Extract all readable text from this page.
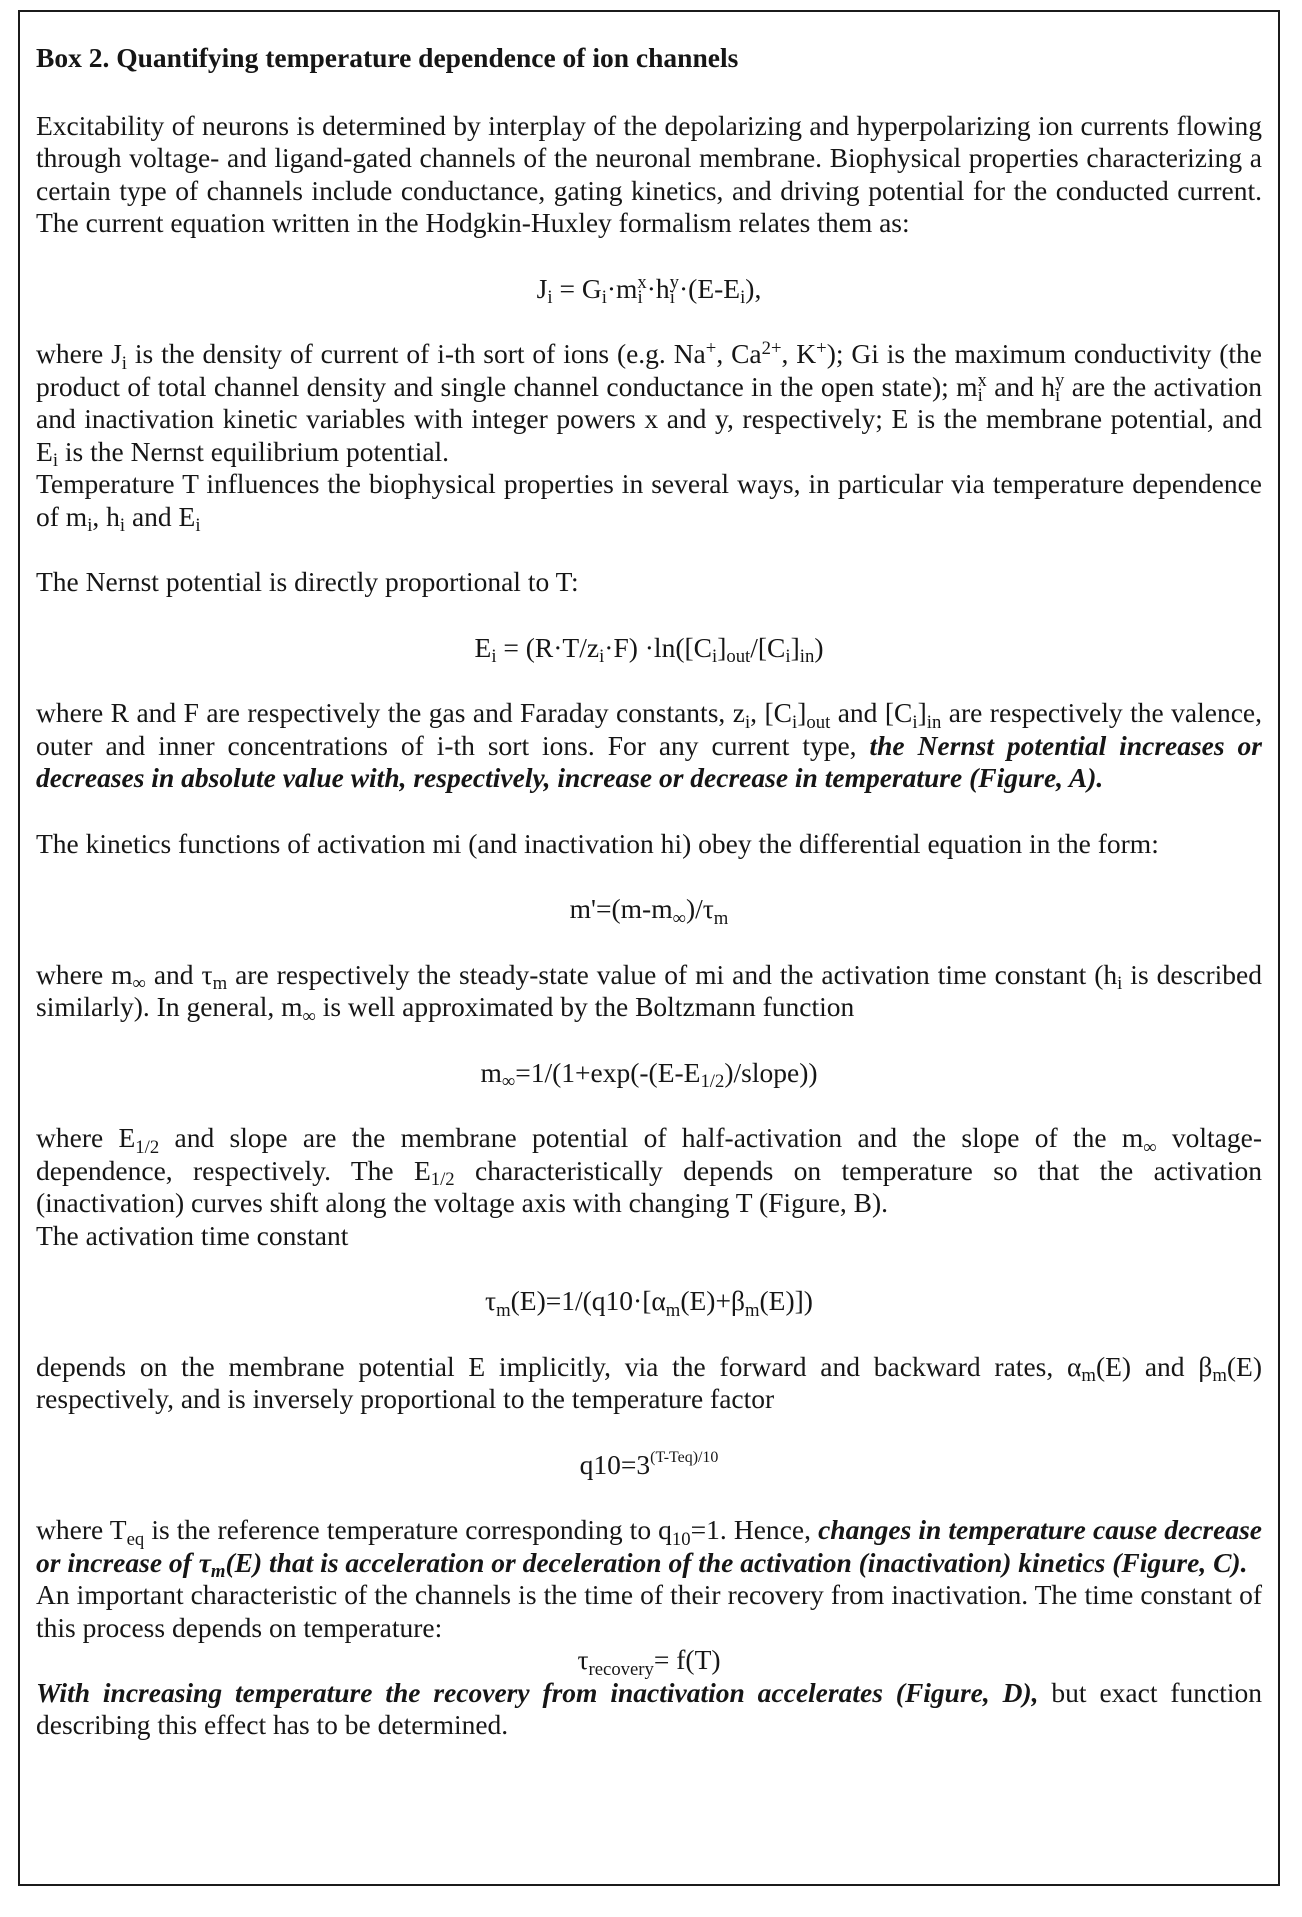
Box 2. Quantifying temperature dependence of ion channels

Excitability of neurons is determined by interplay of the depolarizing and hyperpolarizing ion currents flowing through voltage- and ligand-gated channels of the neuronal membrane. Biophysical properties characterizing a certain type of channels include conductance, gating kinetics, and driving potential for the conducted current. The current equation written in the Hodgkin-Huxley formalism relates them as:

$J_i = G_i\cdot m_i^x\cdot h_i^y\cdot(E-E_i)$,

where $J_i$ is the density of current of i-th sort of ions (e.g. Na+, $Ca^{2+}$, K+); Gi is the maximum conductivity (the product of total channel density and single channel conductance in the open state); $m_i^x$ and $h_i^y$ are the activation and inactivation kinetic variables with integer powers x and y, respectively; E is the membrane potential, and $E_i$ is the Nernst equilibrium potential.

Temperature T influences the biophysical properties in several ways, in particular via temperature dependence of $m_i$, $h_i$ and $E_i$

The Nernst potential is directly proportional to T:

$E_i = (R\cdot T/z_i\cdot F) \cdot\ln([C_i]_{out}/[C_i]_{in})$

where R and F are respectively the gas and Faraday constants, $z_i$, $[C_i]_{out}$ and $[C_i]_{in}$ are respectively the valence, outer and inner concentrations of i-th sort ions. For any current type, the Nernst potential increases or decreases in absolute value with, respectively, increase or decrease in temperature (Figure, A).

The kinetics functions of activation mi (and inactivation hi) obey the differential equation in the form:

$m'=(m-m_\infty)/\tau_m$

where $m_\infty$ and $\tau_m$ are respectively the steady-state value of mi and the activation time constant ($h_i$ is described similarly). In general, $m_\infty$ is well approximated by the Boltzmann function

$m_\infty=1/(1+\exp(-(E-E_{1/2})/slope))$

where $E_{1/2}$ and slope are the membrane potential of half-activation and the slope of the $m_\infty$ voltage-dependence, respectively. The $E_{1/2}$ characteristically depends on temperature so that the activation (inactivation) curves shift along the voltage axis with changing T (Figure, B).

The activation time constant

$\tau_m(E)=1/(q10\cdot[\alpha_m(E)+\beta_m(E)])$

depends on the membrane potential E implicitly, via the forward and backward rates, $\alpha_m(E)$ and $\beta_m(E)$ respectively, and is inversely proportional to the temperature factor

$q10=3^{(T-Teq)/10}$

where $T_{eq}$ is the reference temperature corresponding to $q_{10}=1$. Hence, changes in temperature cause decrease or increase of $\tau_m(E)$ that is acceleration or deceleration of the activation (inactivation) kinetics (Figure, C).

An important characteristic of the channels is the time of their recovery from inactivation. The time constant of this process depends on temperature:

$\tau_{recovery}= f(T)$

With increasing temperature the recovery from inactivation accelerates (Figure, D), but exact function describing this effect has to be determined.
